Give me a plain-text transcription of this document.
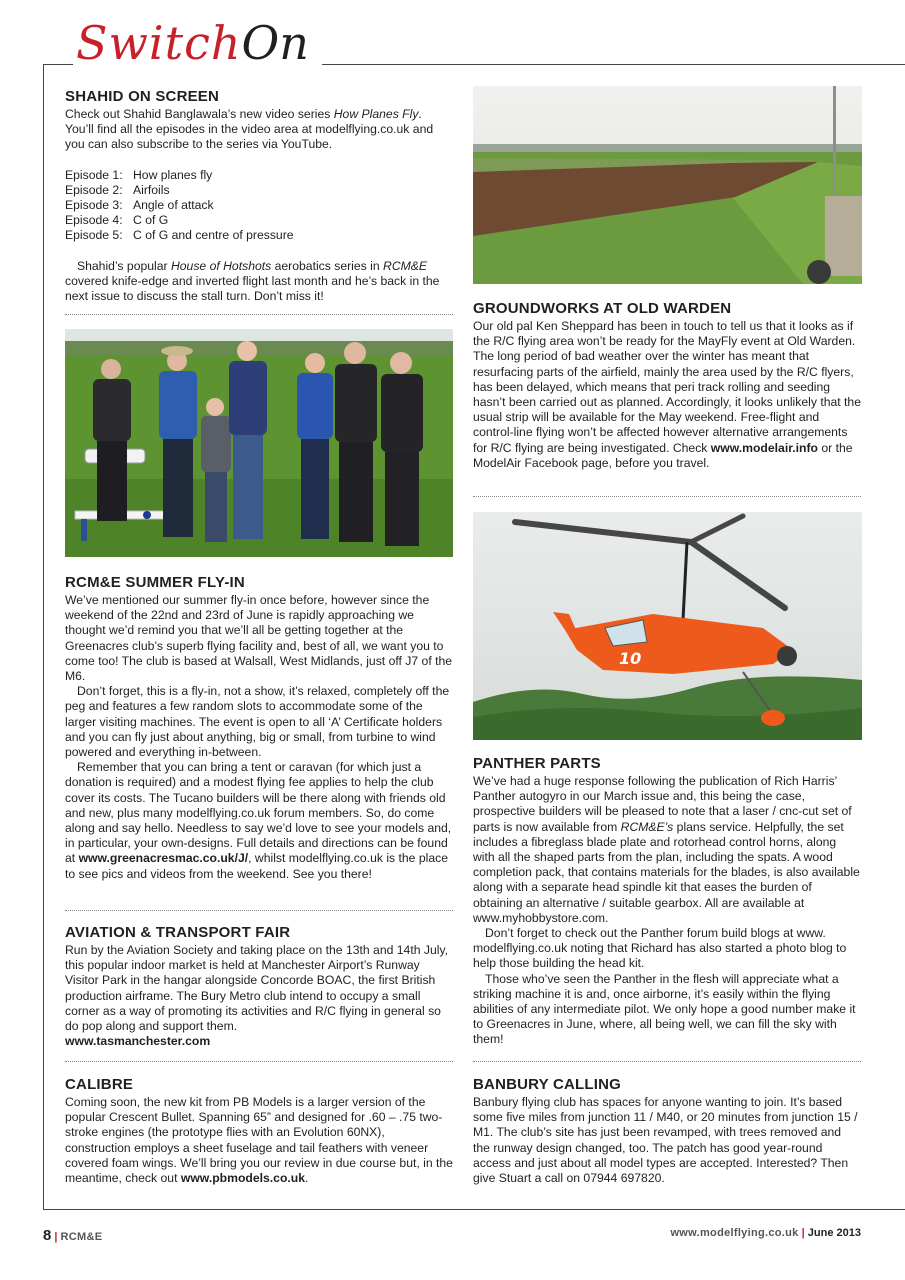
SwitchOn
SHAHID ON SCREEN

Check out Shahid Banglawala’s new video series How Planes Fly. You’ll find all the episodes in the video area at modelflying.co.uk and you can also subscribe to the series via YouTube.

Episode 1: How planes fly
Episode 2: Airfoils
Episode 3: Angle of attack
Episode 4: C of G
Episode 5: C of G and centre of pressure

Shahid’s popular House of Hotshots aerobatics series in RCM&E covered knife-edge and inverted flight last month and he’s back in the next issue to discuss the stall turn. Don’t miss it!

RCM&E SUMMER FLY-IN

We’ve mentioned our summer fly-in once before, however since the weekend of the 22nd and 23rd of June is rapidly approaching we thought we’d remind you that we’ll all be getting together at the Greenacres club’s superb flying facility and, best of all, we want you to come too! The club is based at Walsall, West Midlands, just off J7 of the M6.

Don’t forget, this is a fly-in, not a show, it’s relaxed, completely off the peg and features a few random slots to accommodate some of the larger visiting machines. The event is open to all ‘A’ Certificate holders and you can fly just about anything, big or small, from turbine to wind powered and everything in-between.

Remember that you can bring a tent or caravan (for which just a donation is required) and a modest flying fee applies to help the club cover its costs. The Tucano builders will be there along with friends old and new, plus many modelflying.co.uk forum members. So, do come along and say hello. Needless to say we’d love to see your models and, in particular, your own-designs. Full details and directions can be found at www.greenacresmac.co.uk/J/, whilst modelflying.co.uk is the place to see pics and videos from the weekend. See you there!

AVIATION & TRANSPORT FAIR

Run by the Aviation Society and taking place on the 13th and 14th July, this popular indoor market is held at Manchester Airport’s Runway Visitor Park in the hangar alongside Concorde BOAC, the first British production airframe. The Bury Metro club intend to occupy a small corner as a way of promoting its activities and R/C flying in general so do pop along and support them.

www.tasmanchester.com

CALIBRE

Coming soon, the new kit from PB Models is a larger version of the popular Crescent Bullet. Spanning 65” and designed for .60 – .75 two-stroke engines (the prototype flies with an Evolution 60NX), construction employs a sheet fuselage and tail feathers with veneer covered foam wings. We’ll bring you our review in due course but, in the meantime, check out www.pbmodels.co.uk.

GROUNDWORKS AT OLD WARDEN

Our old pal Ken Sheppard has been in touch to tell us that it looks as if the R/C flying area won’t be ready for the MayFly event at Old Warden. The long period of bad weather over the winter has meant that resurfacing parts of the airfield, mainly the area used by the R/C flyers, has been delayed, which means that peri track rolling and seeding hasn’t been carried out as planned. Accordingly, it looks unlikely that the usual strip will be available for the May weekend. Free-flight and control-line flying won’t be affected however alternative arrangements for R/C flying are being investigated. Check www.modelair.info or the ModelAir Facebook page, before you travel.

10
PANTHER PARTS

We’ve had a huge response following the publication of Rich Harris’ Panther autogyro in our March issue and, this being the case, prospective builders will be pleased to note that a laser / cnc-cut set of parts is now available from RCM&E’s plans service. Helpfully, the set includes a fibreglass blade plate and rotorhead control horns, along with all the shaped parts from the plan, including the spats. A wood completion pack, that contains materials for the blades, is also available along with a separate head spindle kit that eases the burden of obtaining an alternative / suitable gearbox. All are available at www.myhobbystore.com.

Don’t forget to check out the Panther forum build blogs at www. modelflying.co.uk noting that Richard has also started a photo blog to help those building the head kit.

Those who’ve seen the Panther in the flesh will appreciate what a striking machine it is and, once airborne, it’s easily within the flying abilities of any intermediate pilot. We only hope a good number make it to Greenacres in June, where, all being well, we can fill the sky with them!

BANBURY CALLING

Banbury flying club has spaces for anyone wanting to join. It’s based some five miles from junction 11 / M40, or 20 minutes from junction 15 / M1. The club’s site has just been revamped, with trees removed and the runway design changed, too. The patch has good year-round access and just about all model types are accepted. Interested? Then give Stuart a call on 07944 697820.

8 | RCM&E	www.modelflying.co.uk | June 2013
